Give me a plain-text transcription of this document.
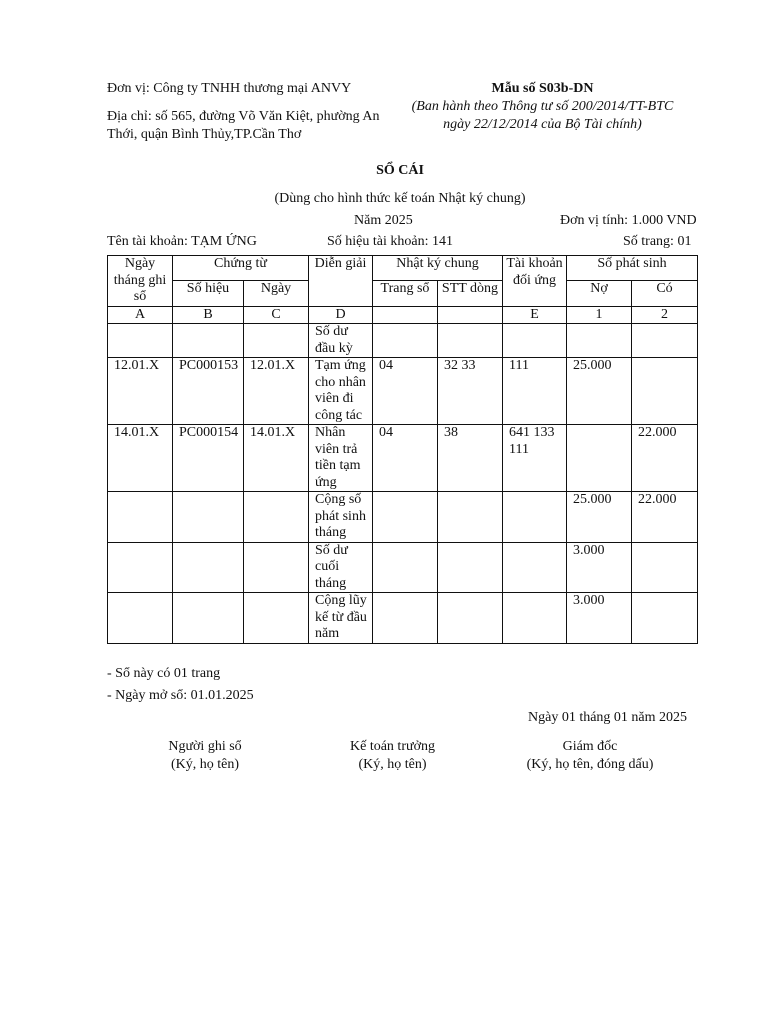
Đơn vị: Công ty TNHH thương mại ANVY
Địa chỉ: số 565, đường Võ Văn Kiệt, phường An
Thới, quận Bình Thủy,TP.Cần Thơ
Mẫu số S03b-DN
(Ban hành theo Thông tư số 200/2014/TT-BTC
ngày 22/12/2014 của Bộ Tài chính)
SỔ CÁI
(Dùng cho hình thức kế toán Nhật ký chung)
Năm 2025	Đơn vị tính: 1.000 VND
Tên tài khoản: TẠM ỨNG	Số hiệu tài khoản: 141	Số trang: 01
Ngày tháng ghi sổ	Chứng từ		Diễn giải	Nhật ký chung		Tài khoản đối ứng	Số phát sinh	
	Số hiệu	Ngày		Trang sổ	STT dòng		Nợ	Có
A	B	C	D			E	1	2
			Số dư đầu kỳ					
12.01.X	PC000153	12.01.X	Tạm ứng cho nhân viên đi công tác	04	32 33	111	25.000	
14.01.X	PC000154	14.01.X	Nhân viên trả tiền tạm ứng	04	38	641 133 111		22.000
			Cộng số phát sinh tháng				25.000	22.000
			Số dư cuối tháng				3.000	
			Cộng lũy kế từ đầu năm				3.000	
- Sổ này có 01 trang
- Ngày mở sổ: 01.01.2025
Ngày 01 tháng 01 năm 2025
Người ghi sổ
(Ký, họ tên)
Kế toán trưởng
(Ký, họ tên)
Giám đốc
(Ký, họ tên, đóng dấu)
